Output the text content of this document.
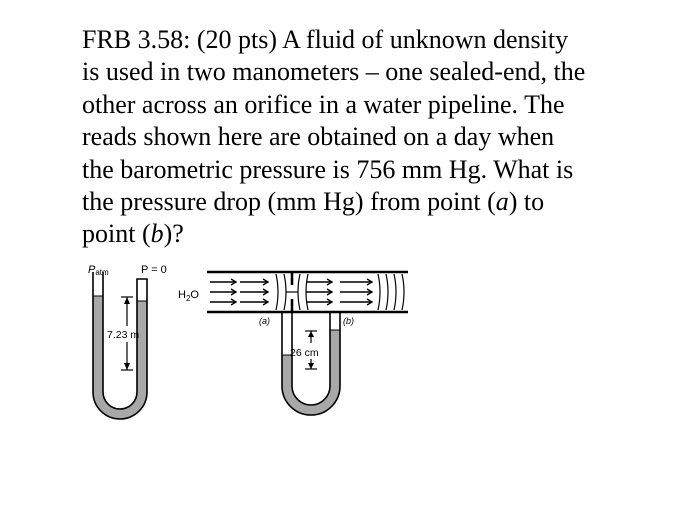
FRB 3.58: (20 pts) A fluid of unknown density
is used in two manometers – one sealed-end, the
other across an orifice in a water pipeline. The
reads shown here are obtained on a day when
the barometric pressure is 756 mm Hg. What is
the pressure drop (mm Hg) from point (a) to
point (b)?
Patm	P = 0
7.23 m
$H_2O$
(a)	(b)
26 cm
